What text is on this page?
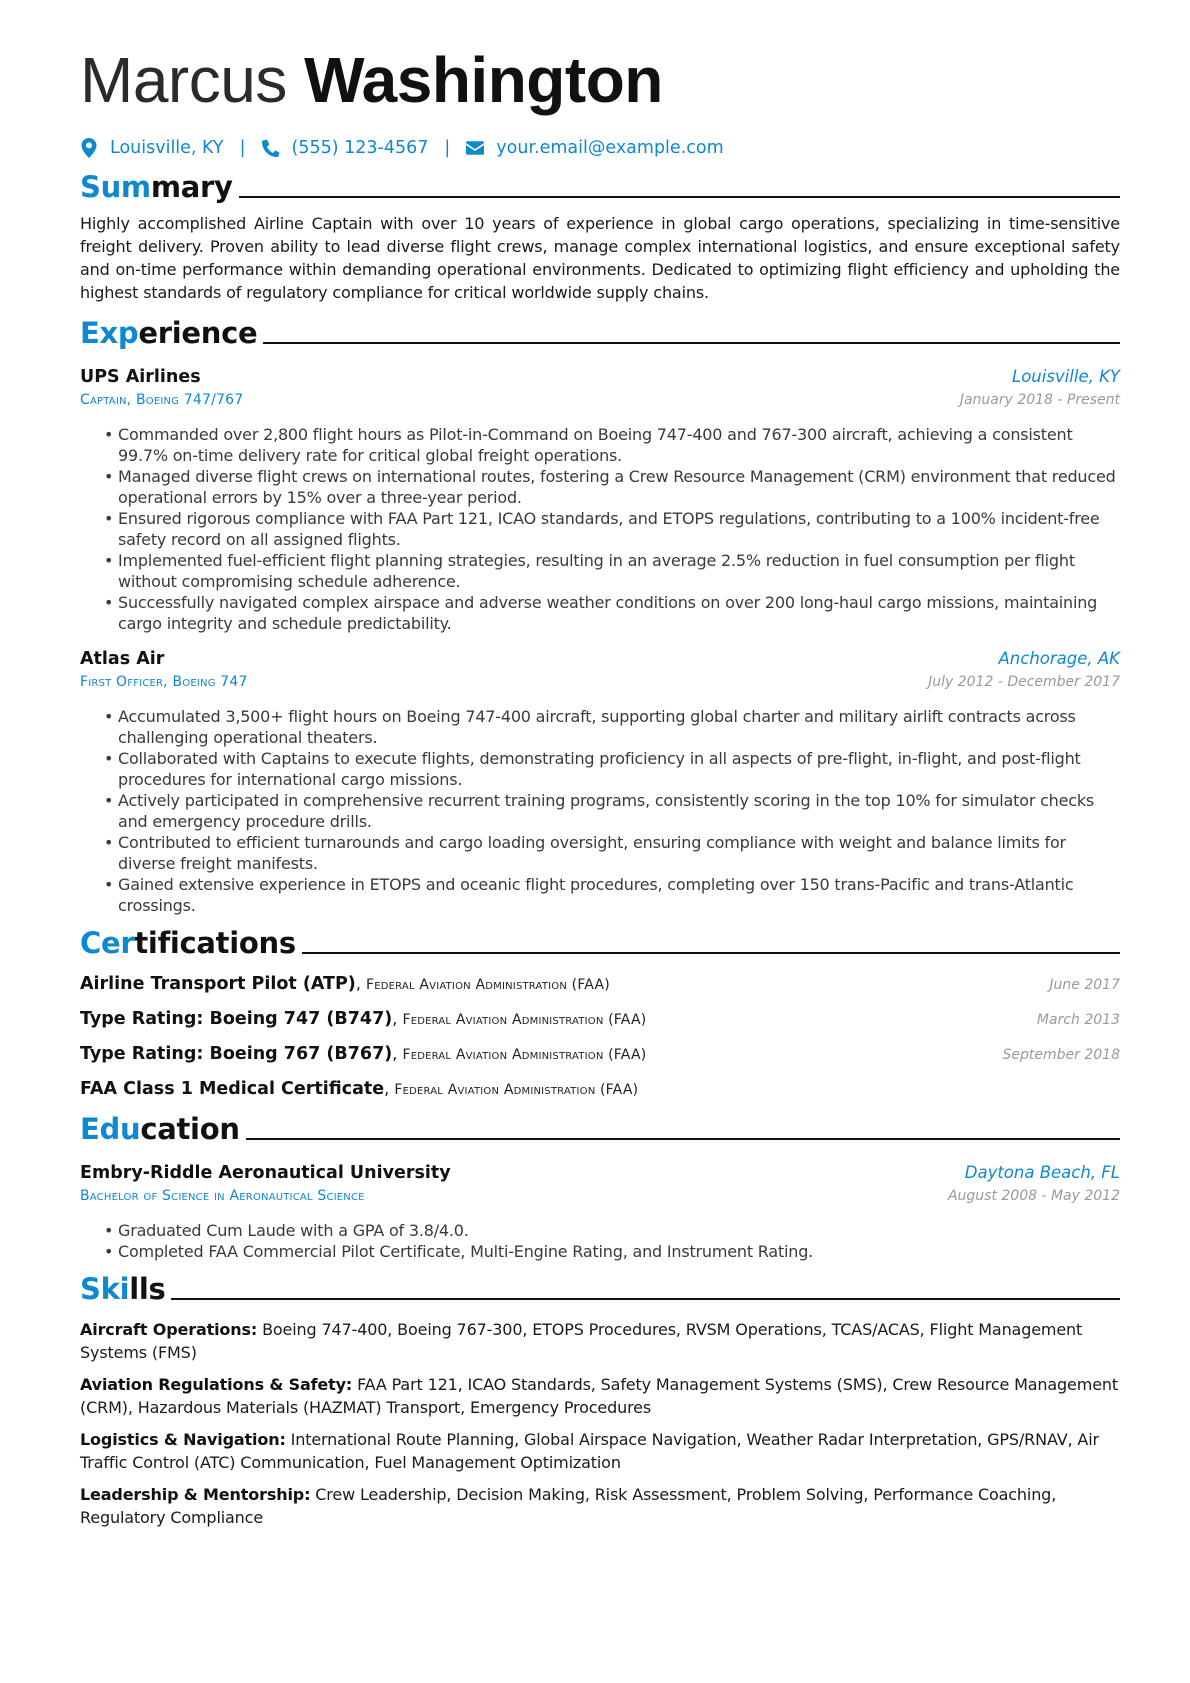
Marcus Washington
Louisville, KY |	(555) 123-4567 |	your.email@example.com
Summary

Highly accomplished Airline Captain with over 10 years of experience in global cargo operations, specializing in time-sensitive freight delivery. Proven ability to lead diverse flight crews, manage complex international logistics, and ensure exceptional safety and on-time performance within demanding operational environments. Dedicated to optimizing flight efficiency and upholding the highest standards of regulatory compliance for critical worldwide supply chains.

Experience
UPS Airlines	Louisville, KY
Captain, Boeing 747/767	January 2018 - Present
• Commanded over 2,800 flight hours as Pilot-in-Command on Boeing 747-400 and 767-300 aircraft, achieving a consistent 99.7% on-time delivery rate for critical global freight operations.
• Managed diverse flight crews on international routes, fostering a Crew Resource Management (CRM) environment that reduced operational errors by 15% over a three-year period.
• Ensured rigorous compliance with FAA Part 121, ICAO standards, and ETOPS regulations, contributing to a 100% incident-free safety record on all assigned flights.
• Implemented fuel-efficient flight planning strategies, resulting in an average 2.5% reduction in fuel consumption per flight without compromising schedule adherence.
• Successfully navigated complex airspace and adverse weather conditions on over 200 long-haul cargo missions, maintaining cargo integrity and schedule predictability.
Atlas Air	Anchorage, AK
First Officer, Boeing 747	July 2012 - December 2017
• Accumulated 3,500+ flight hours on Boeing 747-400 aircraft, supporting global charter and military airlift contracts across challenging operational theaters.
• Collaborated with Captains to execute flights, demonstrating proficiency in all aspects of pre-flight, in-flight, and post-flight procedures for international cargo missions.
• Actively participated in comprehensive recurrent training programs, consistently scoring in the top 10% for simulator checks and emergency procedure drills.
• Contributed to efficient turnarounds and cargo loading oversight, ensuring compliance with weight and balance limits for diverse freight manifests.
• Gained extensive experience in ETOPS and oceanic flight procedures, completing over 150 trans-Pacific and trans-Atlantic crossings.
Certifications
Airline Transport Pilot (ATP), Federal Aviation Administration (FAA)	June 2017
Type Rating: Boeing 747 (B747), Federal Aviation Administration (FAA)	March 2013
Type Rating: Boeing 767 (B767), Federal Aviation Administration (FAA)	September 2018
FAA Class 1 Medical Certificate, Federal Aviation Administration (FAA)
Education
Embry-Riddle Aeronautical University	Daytona Beach, FL
Bachelor of Science in Aeronautical Science	August 2008 - May 2012
• Graduated Cum Laude with a GPA of 3.8/4.0.
• Completed FAA Commercial Pilot Certificate, Multi-Engine Rating, and Instrument Rating.
Skills
Aircraft Operations: Boeing 747-400, Boeing 767-300, ETOPS Procedures, RVSM Operations, TCAS/ACAS, Flight Management Systems (FMS)
Aviation Regulations & Safety: FAA Part 121, ICAO Standards, Safety Management Systems (SMS), Crew Resource Management (CRM), Hazardous Materials (HAZMAT) Transport, Emergency Procedures
Logistics & Navigation: International Route Planning, Global Airspace Navigation, Weather Radar Interpretation, GPS/RNAV, Air Traffic Control (ATC) Communication, Fuel Management Optimization
Leadership & Mentorship: Crew Leadership, Decision Making, Risk Assessment, Problem Solving, Performance Coaching, Regulatory Compliance
